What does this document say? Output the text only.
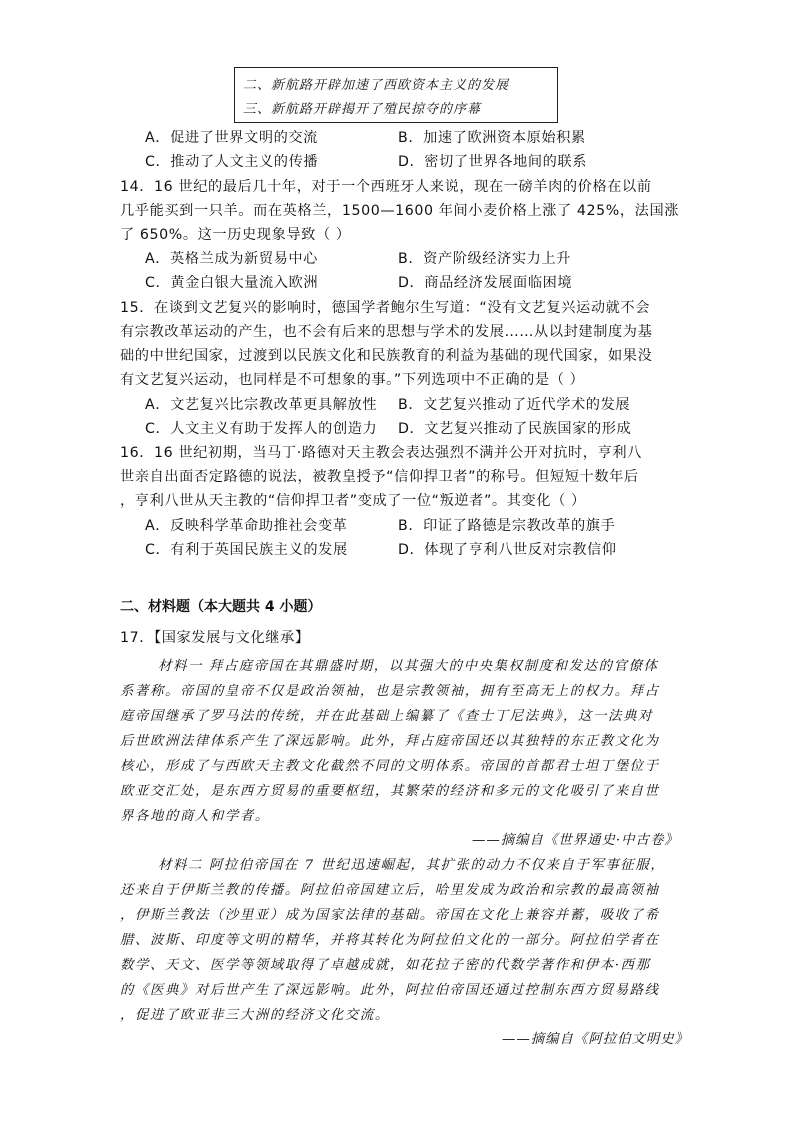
二、新航路开辟加速了西欧资本主义的发展
三、新航路开辟揭开了殖民掠夺的序幕
A．促进了世界文明的交流	B．加速了欧洲资本原始积累
C．推动了人文主义的传播	D．密切了世界各地间的联系
14．16 世纪的最后几十年，对于一个西班牙人来说，现在一磅羊肉的价格在以前
几乎能买到一只羊。而在英格兰，1500—1600 年间小麦价格上涨了 425%，法国涨
了 650%。这一历史现象导致（ ）
A．英格兰成为新贸易中心	B．资产阶级经济实力上升
C．黄金白银大量流入欧洲	D．商品经济发展面临困境
15．在谈到文艺复兴的影响时，德国学者鲍尔生写道：“没有文艺复兴运动就不会
有宗教改革运动的产生，也不会有后来的思想与学术的发展……从以封建制度为基
础的中世纪国家，过渡到以民族文化和民族教育的利益为基础的现代国家，如果没
有文艺复兴运动，也同样是不可想象的事。”下列选项中不正确的是（ ）
A．文艺复兴比宗教改革更具解放性 B．文艺复兴推动了近代学术的发展
C．人文主义有助于发挥人的创造力 D．文艺复兴推动了民族国家的形成
16．16 世纪初期，当马丁·路德对天主教会表达强烈不满并公开对抗时，亨利八
世亲自出面否定路德的说法，被教皇授予“信仰捍卫者”的称号。但短短十数年后
，亨利八世从天主教的“信仰捍卫者”变成了一位“叛逆者”。其变化（ ）
A．反映科学革命助推社会变革	B．印证了路德是宗教改革的旗手
C．有利于英国民族主义的发展	D．体现了亨利八世反对宗教信仰
二、材料题（本大题共 4 小题）
17．【国家发展与文化继承】
材料一 拜占庭帝国在其鼎盛时期，以其强大的中央集权制度和发达的官僚体
系著称。帝国的皇帝不仅是政治领袖，也是宗教领袖，拥有至高无上的权力。拜占
庭帝国继承了罗马法的传统，并在此基础上编纂了《查士丁尼法典》，这一法典对
后世欧洲法律体系产生了深远影响。此外，拜占庭帝国还以其独特的东正教文化为
核心，形成了与西欧天主教文化截然不同的文明体系。帝国的首都君士坦丁堡位于
欧亚交汇处，是东西方贸易的重要枢纽，其繁荣的经济和多元的文化吸引了来自世
界各地的商人和学者。
——摘编自《世界通史·中古卷》
材料二 阿拉伯帝国在 7 世纪迅速崛起，其扩张的动力不仅来自于军事征服，
还来自于伊斯兰教的传播。阿拉伯帝国建立后，哈里发成为政治和宗教的最高领袖
，伊斯兰教法（沙里亚）成为国家法律的基础。帝国在文化上兼容并蓄，吸收了希
腊、波斯、印度等文明的精华，并将其转化为阿拉伯文化的一部分。阿拉伯学者在
数学、天文、医学等领域取得了卓越成就，如花拉子密的代数学著作和伊本·西那
的《医典》对后世产生了深远影响。此外，阿拉伯帝国还通过控制东西方贸易路线
，促进了欧亚非三大洲的经济文化交流。
——摘编自《阿拉伯文明史》
